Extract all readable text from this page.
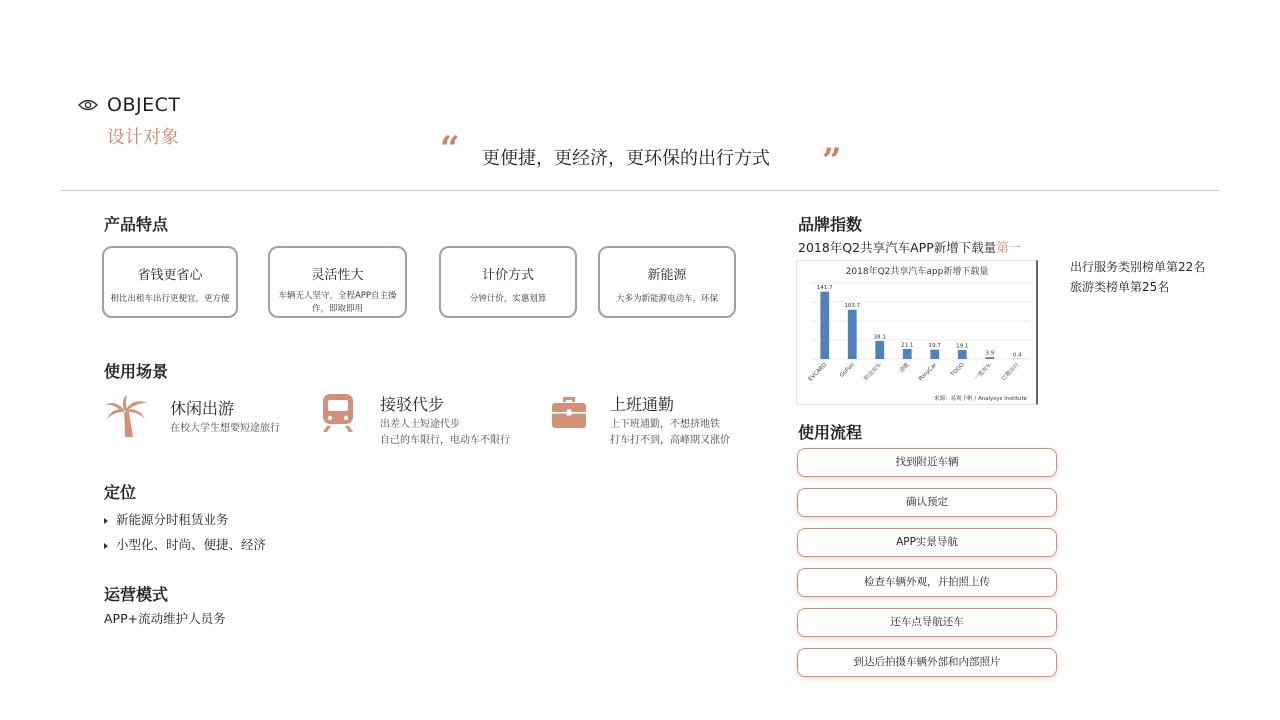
OBJECT
设计对象	“ 更便捷，更经济，更环保的出行方式 ”
产品特点
省钱更省心
相比出租车出行更便宜，更方便
灵活性大
车辆无人坚守，全程APP自主操作，即取即用
计价方式
分钟计价，实惠划算
新能源
大多为新能源电动车，环保
使用场景
休闲出游
在校大学生想要短途旅行
接驳代步
出差人士短途代步
自己的车限行，电动车不限行
上班通勤
上下班通勤，不想挤地铁
打车打不到，高峰期又涨价
定位
新能源分时租赁业务
小型化、时尚、便捷、经济
运营模式
APP+流动维护人员务
品牌指数
2018年Q2共享汽车APP新增下载量第一
2018年Q2共享汽车app新增下载量
141.7
EVCARD
103.7
GoFun
38.1
盼达用车
21.1
途歌
19.7
PonyCar
19.1
TOGO
3.9
一度用车
0.4
巴歌出行
来源：易观千帆 / Analysys Institute
出行服务类别榜单第22名
旅游类榜单第25名
使用流程
找到附近车辆
确认预定
APP实景导航
检查车辆外观，并拍照上传
还车点导航还车
到达后拍摄车辆外部和内部照片
